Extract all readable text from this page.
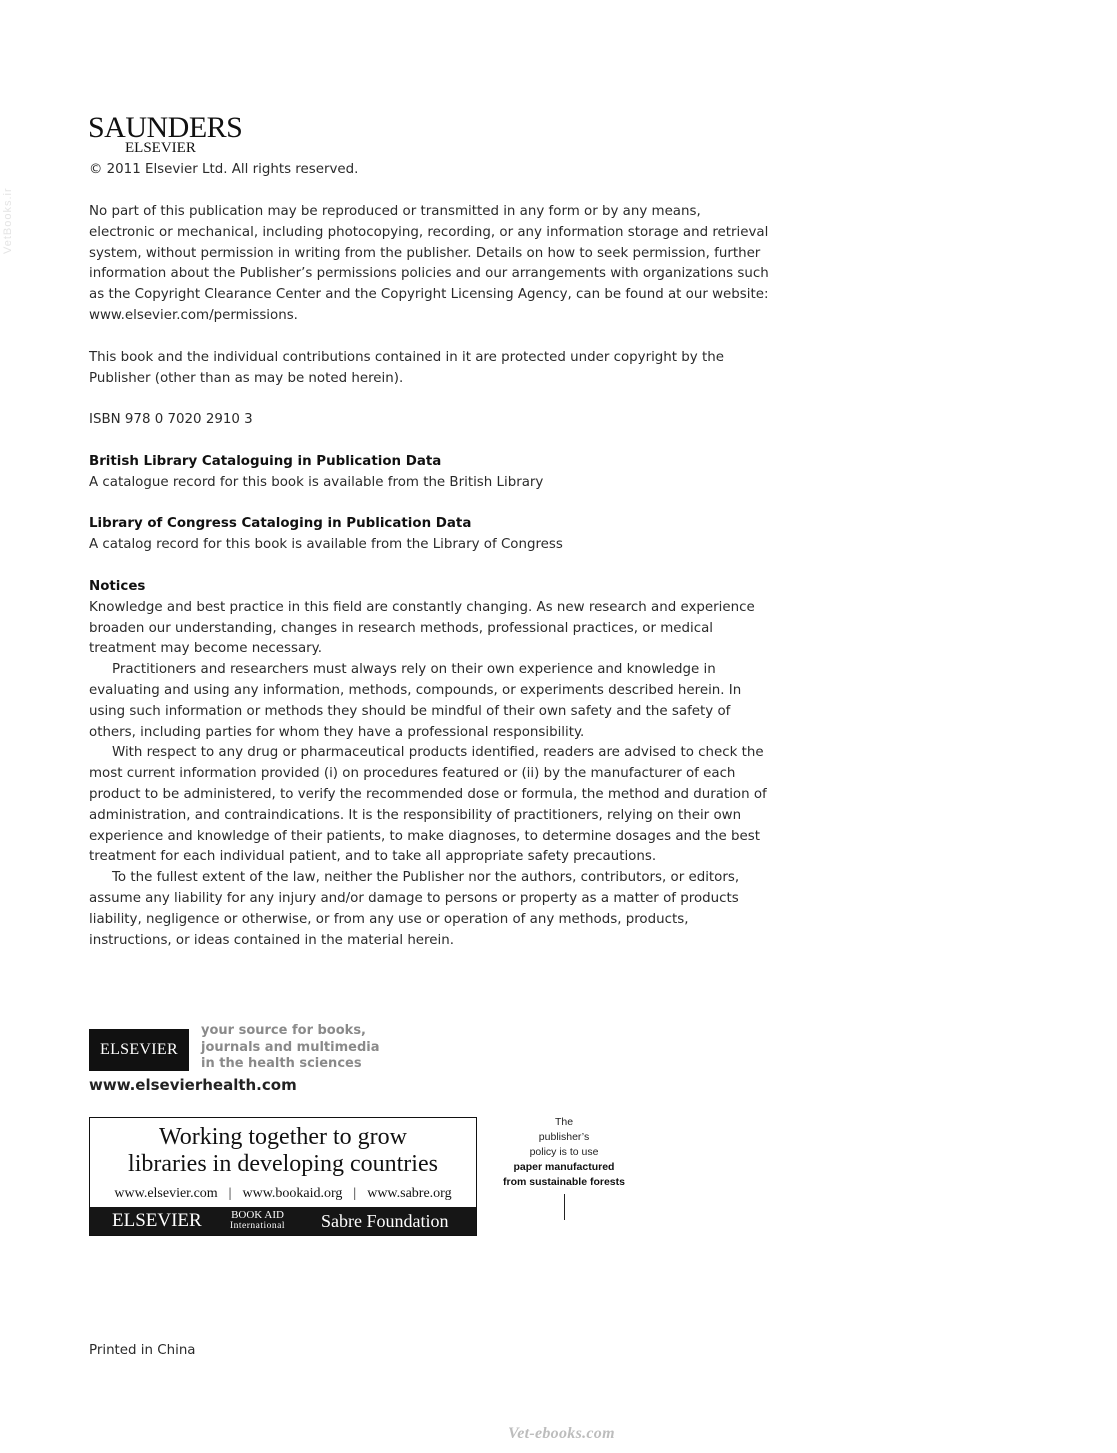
VetBooks.ir
SAUNDERS
ELSEVIER
© 2011 Elsevier Ltd. All rights reserved.
No part of this publication may be reproduced or transmitted in any form or by any means, electronic or mechanical, including photocopying, recording, or any information storage and retrieval system, without permission in writing from the publisher. Details on how to seek permission, further information about the Publisher’s permissions policies and our arrangements with organizations such as the Copyright Clearance Center and the Copyright Licensing Agency, can be found at our website: www.elsevier.com/permissions.
This book and the individual contributions contained in it are protected under copyright by the Publisher (other than as may be noted herein).
ISBN 978 0 7020 2910 3

British Library Cataloguing in Publication Data

A catalogue record for this book is available from the British Library

Library of Congress Cataloging in Publication Data

A catalog record for this book is available from the Library of Congress

Notices

Knowledge and best practice in this field are constantly changing. As new research and experience broaden our understanding, changes in research methods, professional practices, or medical treatment may become necessary.

Practitioners and researchers must always rely on their own experience and knowledge in evaluating and using any information, methods, compounds, or experiments described herein. In using such information or methods they should be mindful of their own safety and the safety of others, including parties for whom they have a professional responsibility.

With respect to any drug or pharmaceutical products identified, readers are advised to check the most current information provided (i) on procedures featured or (ii) by the manufacturer of each product to be administered, to verify the recommended dose or formula, the method and duration of administration, and contraindications. It is the responsibility of practitioners, relying on their own experience and knowledge of their patients, to make diagnoses, to determine dosages and the best treatment for each individual patient, and to take all appropriate safety precautions.

To the fullest extent of the law, neither the Publisher nor the authors, contributors, or editors, assume any liability for any injury and/or damage to persons or property as a matter of products liability, negligence or otherwise, or from any use or operation of any methods, products, instructions, or ideas contained in the material herein.

ELSEVIER
your source for books,
journals and multimedia
in the health sciences
www.elsevierhealth.com
Working together to grow
libraries in developing countries
www.elsevier.com  |  www.bookaid.org  |  www.sabre.org
ELSEVIER	BOOK AID
International Sabre Foundation
The
publisher’s
policy is to use
paper manufactured
from sustainable forests
Printed in China
Vet-ebooks.com
